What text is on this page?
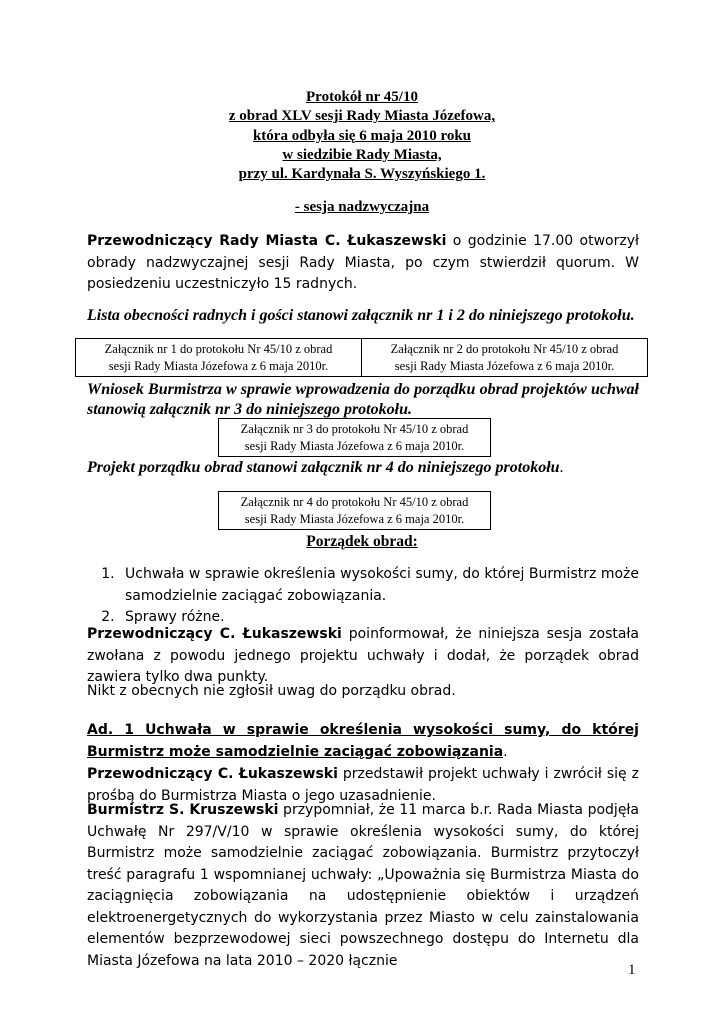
Protokół nr 45/10
z obrad XLV sesji Rady Miasta Józefowa,
która odbyła się 6 maja 2010 roku
w siedzibie Rady Miasta,
przy ul. Kardynała S. Wyszyńskiego 1.
- sesja nadzwyczajna
Przewodniczący Rady Miasta C. Łukaszewski o godzinie 17.00 otworzył obrady nadzwyczajnej sesji Rady Miasta, po czym stwierdził quorum. W posiedzeniu uczestniczyło 15 radnych.
Lista obecności radnych i gości stanowi załącznik nr 1 i 2 do niniejszego protokołu.
Załącznik nr 1 do protokołu Nr 45/10 z obrad
sesji Rady Miasta Józefowa z 6 maja 2010r.
Załącznik nr 2 do protokołu Nr 45/10 z obrad
sesji Rady Miasta Józefowa z 6 maja 2010r.
Wniosek Burmistrza w sprawie wprowadzenia do porządku obrad projektów uchwał stanowią załącznik nr 3 do niniejszego protokołu.
Załącznik nr 3 do protokołu Nr 45/10 z obrad
sesji Rady Miasta Józefowa z 6 maja 2010r.
Projekt porządku obrad stanowi załącznik nr 4 do niniejszego protokołu.
Załącznik nr 4 do protokołu Nr 45/10 z obrad
sesji Rady Miasta Józefowa z 6 maja 2010r.
Porządek obrad:
1. Uchwała w sprawie określenia wysokości sumy, do której Burmistrz może samodzielnie zaciągać zobowiązania.
2. Sprawy różne.
Przewodniczący C. Łukaszewski poinformował, że niniejsza sesja została zwołana z powodu jednego projektu uchwały i dodał, że porządek obrad zawiera tylko dwa punkty.
Nikt z obecnych nie zgłosił uwag do porządku obrad.
Ad. 1 Uchwała w sprawie określenia wysokości sumy, do której Burmistrz może samodzielnie zaciągać zobowiązania.
Przewodniczący C. Łukaszewski przedstawił projekt uchwały i zwrócił się z prośbą do Burmistrza Miasta o jego uzasadnienie.
Burmistrz S. Kruszewski przypomniał, że 11 marca b.r. Rada Miasta podjęła Uchwałę Nr 297/V/10 w sprawie określenia wysokości sumy, do której Burmistrz może samodzielnie zaciągać zobowiązania. Burmistrz przytoczył treść paragrafu 1 wspomnianej uchwały: „Upoważnia się Burmistrza Miasta do zaciągnięcia zobowiązania na udostępnienie obiektów i urządzeń elektroenergetycznych do wykorzystania przez Miasto w celu zainstalowania elementów bezprzewodowej sieci powszechnego dostępu do Internetu dla Miasta Józefowa na lata 2010 – 2020 łącznie
1
